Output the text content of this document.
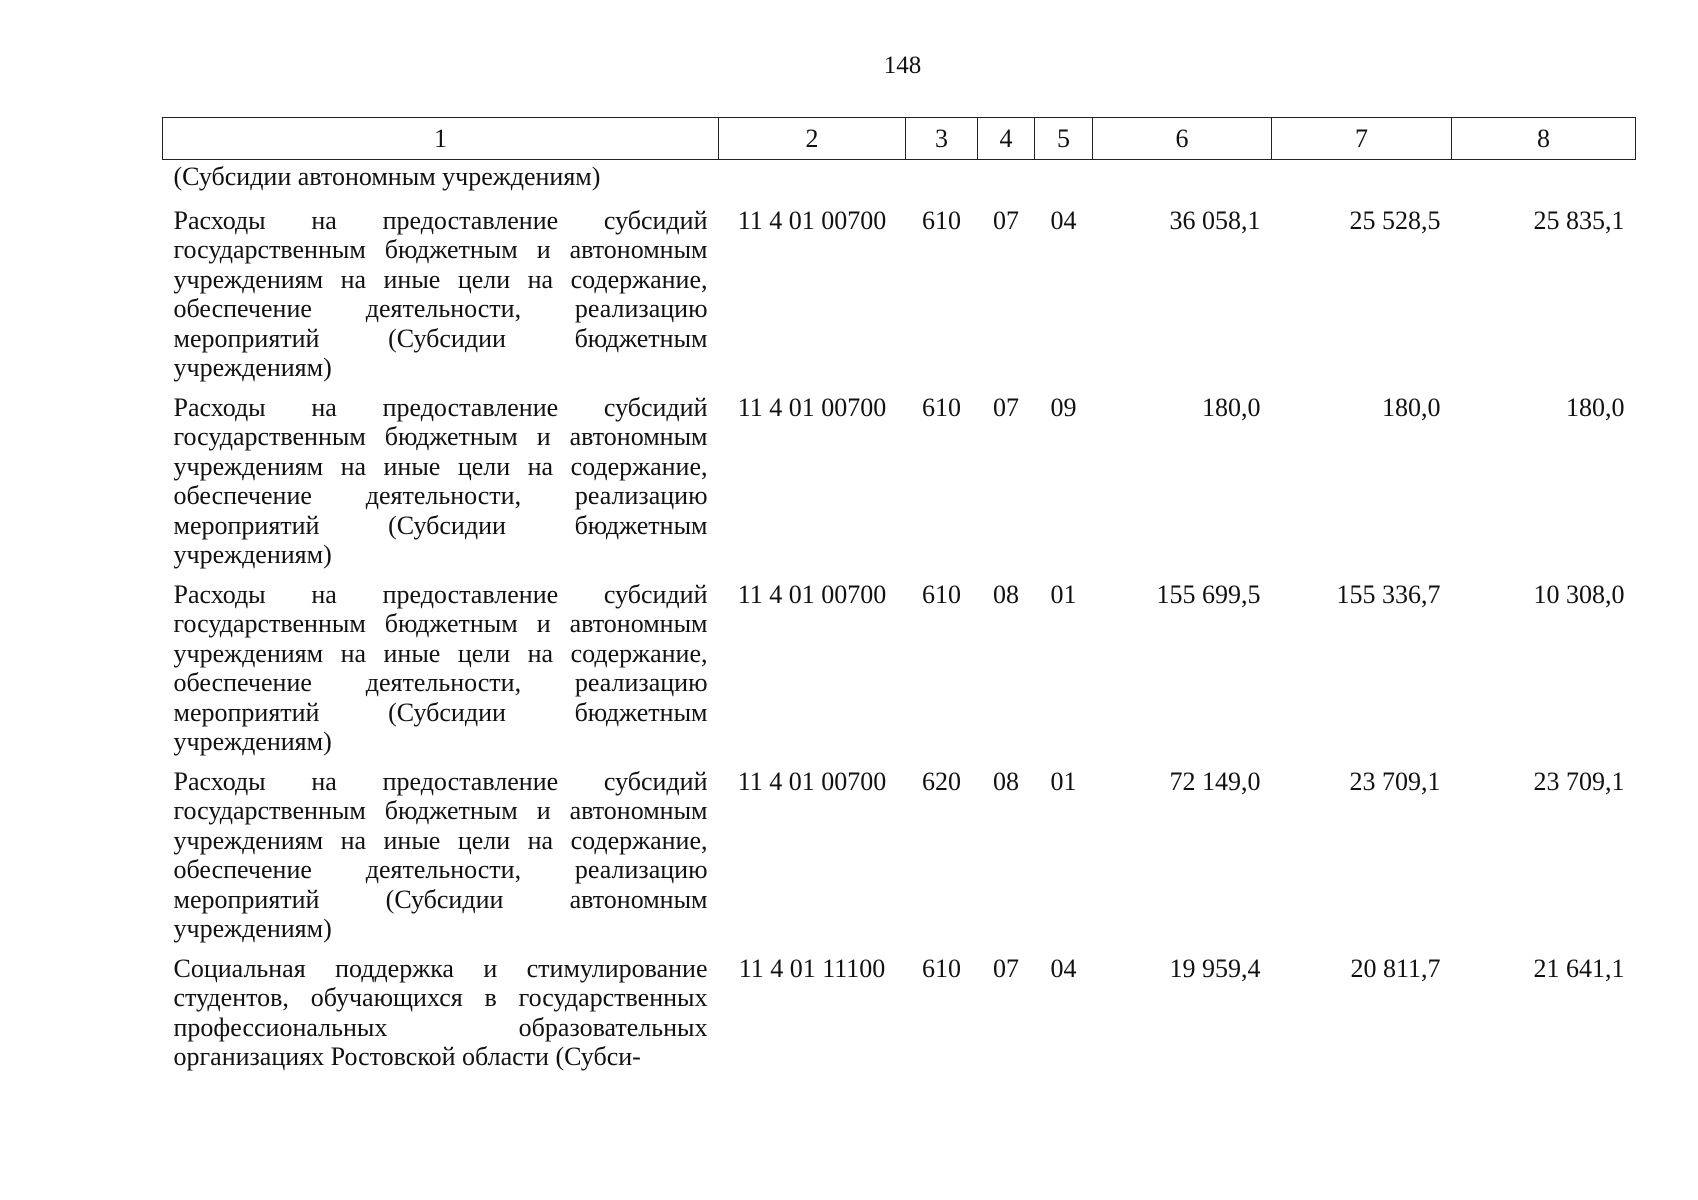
148
1	2	3	4	5	6	7	8
(Субсидии автономным учреждениям)							
Расходы на предоставление субсидий государственным бюджетным и автономным учреждениям на иные цели на содержание, обеспечение деятельности, реализацию мероприятий (Субсидии бюджетным учреждениям)	11 4 01 00700	610	07	04	36 058,1	25 528,5	25 835,1
Расходы на предоставление субсидий государственным бюджетным и автономным учреждениям на иные цели на содержание, обеспечение деятельности, реализацию мероприятий (Субсидии бюджетным учреждениям)	11 4 01 00700	610	07	09	180,0	180,0	180,0
Расходы на предоставлениe субсидий государственным бюджетным и автономным учреждениям на иные цели на содержание, обеспечение деятельности, реализацию мероприятий (Субсидии бюджетным учреждениям)	11 4 01 00700	610	08	01	155 699,5	155 336,7	10 308,0
Расходы на предоставление субсидий государственным бюджетным и автономным учреждениям на иные цели на содержание, обеспечение деятельности, реализацию мероприятий (Субсидии автономным учреждениям)	11 4 01 00700	620	08	01	72 149,0	23 709,1	23 709,1
Социальная поддержка и стимулирование студентов, обучающихся в государственных профессиональных образовательных организациях Ростовской области (Субси-	11 4 01 11100	610	07	04	19 959,4	20 811,7	21 641,1
